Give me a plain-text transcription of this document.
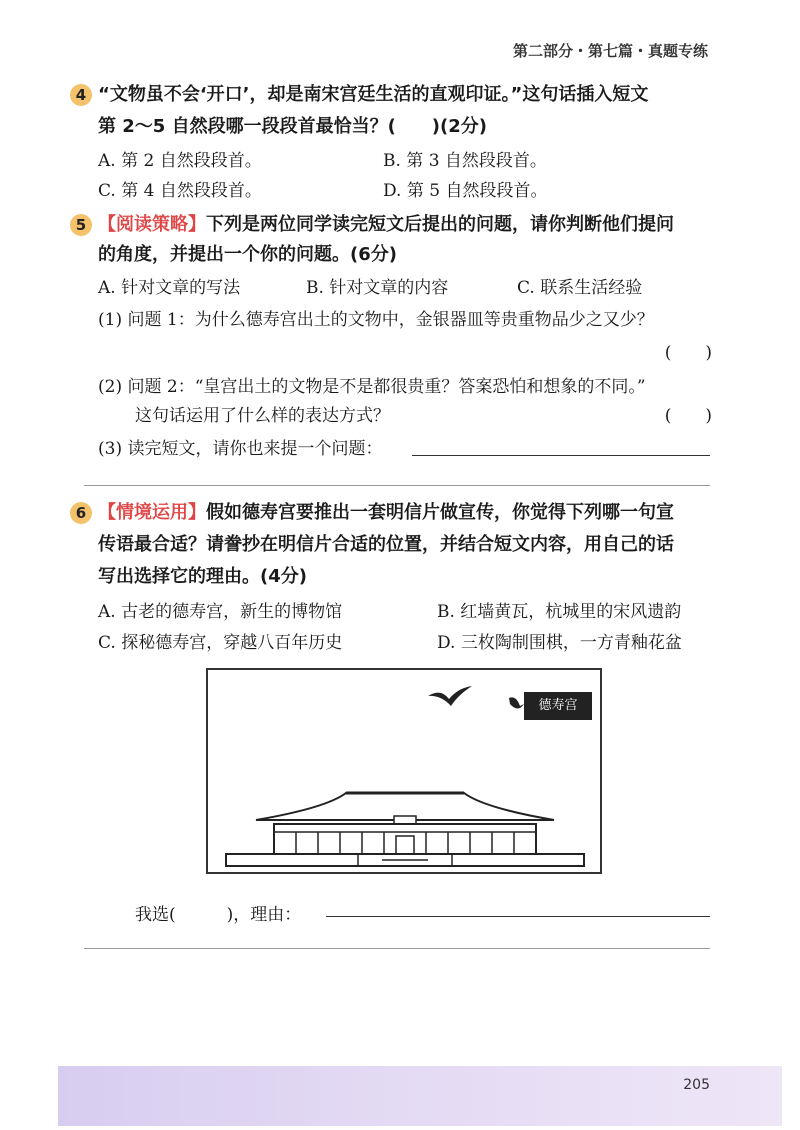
第二部分・第七篇・真题专练
4 “文物虽不会‘开口’，却是南宋宫廷生活的直观印证。”这句话插入短文
第 2～5 自然段哪一段段首最恰当？(　　)(2分)
A. 第 2 自然段段首。	B. 第 3 自然段段首。
C. 第 4 自然段段首。	D. 第 5 自然段段首。
5 【阅读策略】下列是两位同学读完短文后提出的问题，请你判断他们提问
的角度，并提出一个你的问题。(6分)
A. 针对文章的写法	B. 针对文章的内容	C. 联系生活经验
(1) 问题 1：为什么德寿宫出土的文物中，金银器皿等贵重物品少之又少？
(　　)
(2) 问题 2：“皇宫出土的文物是不是都很贵重？答案恐怕和想象的不同。”
这句话运用了什么样的表达方式？	(　　)
(3) 读完短文，请你也来提一个问题：
6 【情境运用】假如德寿宫要推出一套明信片做宣传，你觉得下列哪一句宣
传语最合适？请誊抄在明信片合适的位置，并结合短文内容，用自己的话
写出选择它的理由。(4分)
A. 古老的德寿宫，新生的博物馆	B. 红墙黄瓦，杭城里的宋风遗韵
C. 探秘德寿宫，穿越八百年历史	D. 三枚陶制围棋，一方青釉花盆
德寿宫
我选(　　　)，理由：
205
